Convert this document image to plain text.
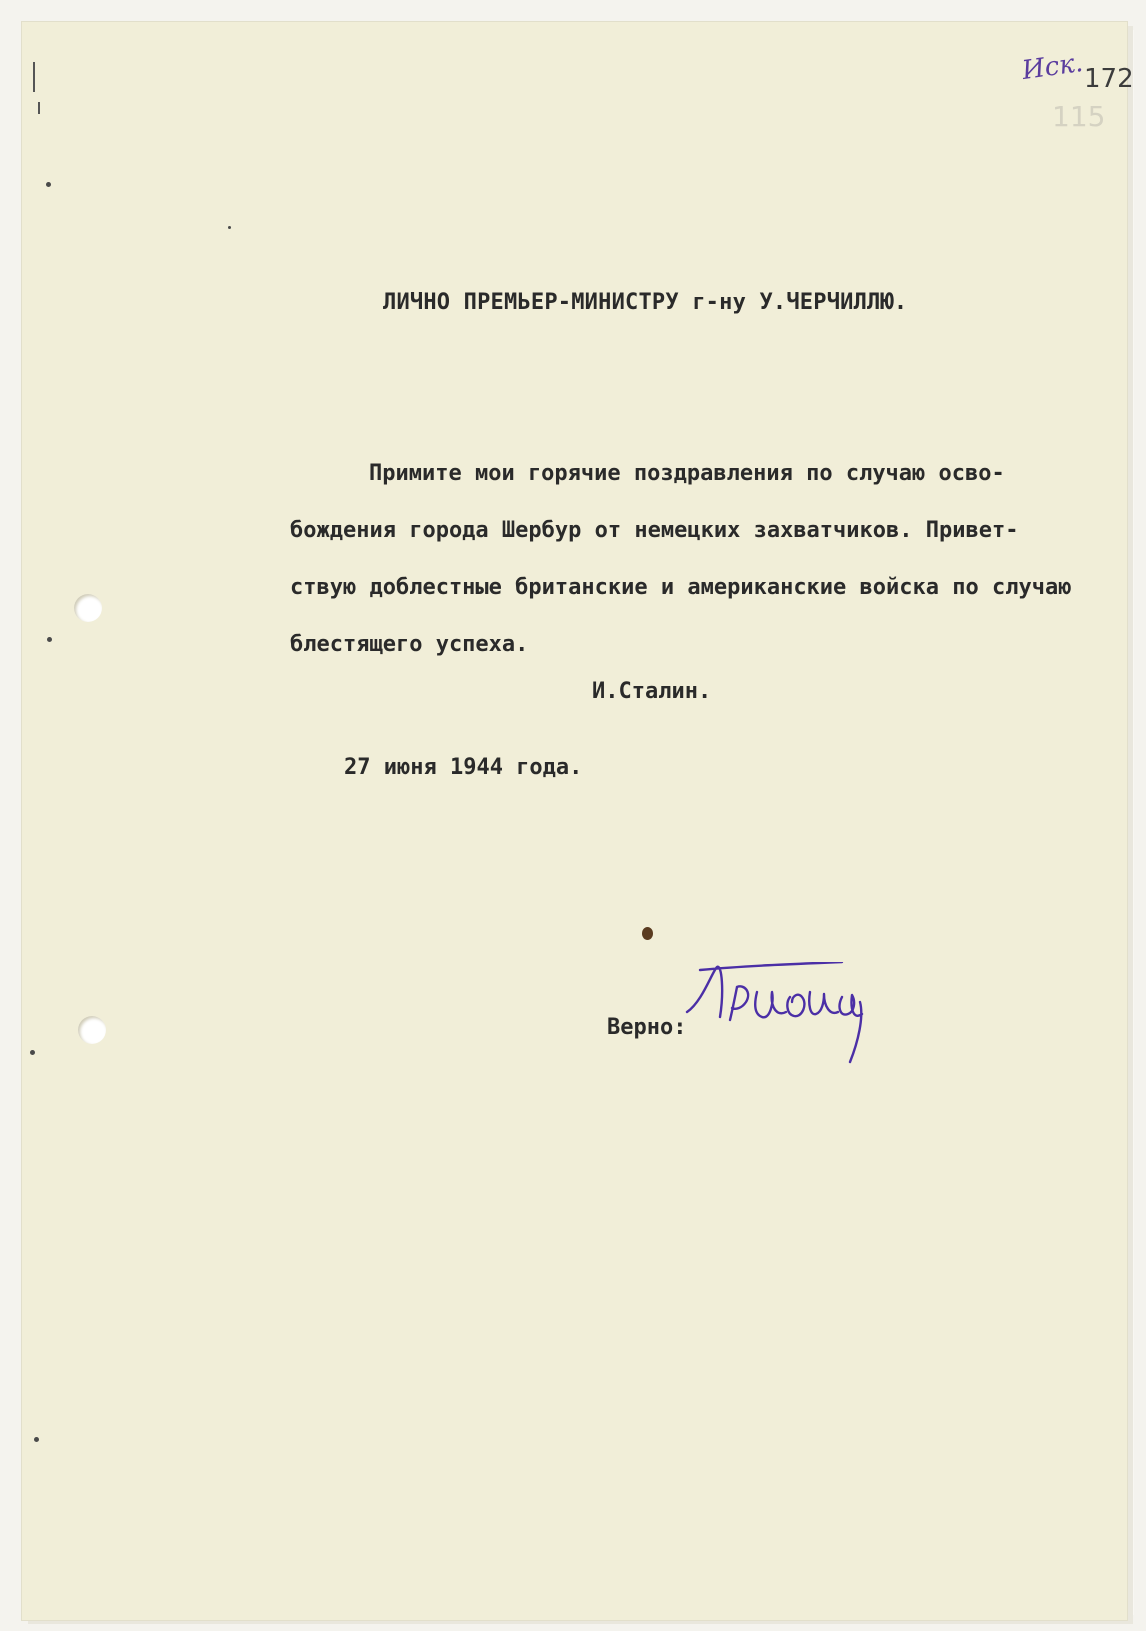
Иск. 172
115
ЛИЧНО ПРЕМЬЕР-МИНИСТРУ г-ну У.ЧЕРЧИЛЛЮ.
Примите мои горячие поздравления по случаю осво-
бождения города Шербур от немецких захватчиков. Привет-
ствую доблестные британские и американские войска по случаю
блестящего успеха.
И.Сталин.
27 июня 1944 года.
Верно:
